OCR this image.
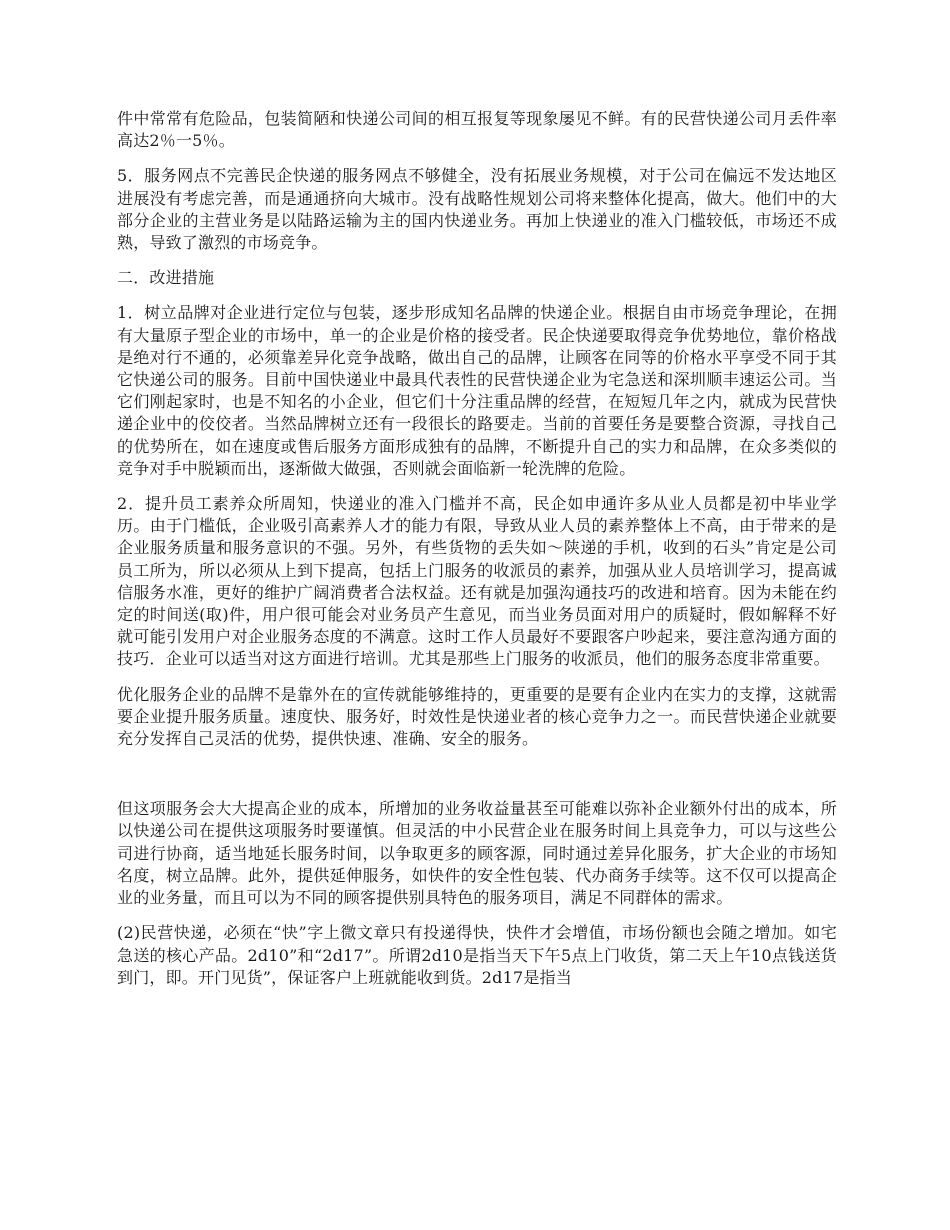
件中常常有危险品，包装简陋和快递公司间的相互报复等现象屡见不鲜。有的民营快递公司月丢件率高达2％一5％。

5．服务网点不完善民企快递的服务网点不够健全，没有拓展业务规模，对于公司在偏远不发达地区进展没有考虑完善，而是通通挤向大城市。没有战略性规划公司将来整体化提高，做大。他们中的大部分企业的主营业务是以陆路运输为主的国内快递业务。再加上快递业的准入门槛较低，市场还不成熟，导致了激烈的市场竞争。

二．改进措施

1．树立品牌对企业进行定位与包装，逐步形成知名品牌的快递企业。根据自由市场竞争理论，在拥有大量原子型企业的市场中，单一的企业是价格的接受者。民企快递要取得竞争优势地位，靠价格战是绝对行不通的，必须靠差异化竞争战略，做出自己的品牌，让顾客在同等的价格水平享受不同于其它快递公司的服务。目前中国快递业中最具代表性的民营快递企业为宅急送和深圳顺丰速运公司。当它们刚起家时，也是不知名的小企业，但它们十分注重品牌的经营，在短短几年之内，就成为民营快递企业中的佼佼者。当然品牌树立还有一段很长的路要走。当前的首要任务是要整合资源，寻找自己的优势所在，如在速度或售后服务方面形成独有的品牌，不断提升自己的实力和品牌，在众多类似的竞争对手中脱颖而出，逐渐做大做强，否则就会面临新一轮洗牌的危险。

2．提升员工素养众所周知，快递业的准入门槛并不高，民企如申通许多从业人员都是初中毕业学历。由于门槛低，企业吸引高素养人才的能力有限，导致从业人员的素养整体上不高，由于带来的是企业服务质量和服务意识的不强。另外，有些货物的丢失如～陕递的手机，收到的石头”肯定是公司员工所为，所以必须从上到下提高，包括上门服务的收派员的素养，加强从业人员培训学习，提高诚信服务水准，更好的维护广阔消费者合法权益。还有就是加强沟通技巧的改进和培育。因为未能在约定的时间送(取)件，用户很可能会对业务员产生意见，而当业务员面对用户的质疑时，假如解释不好就可能引发用户对企业服务态度的不满意。这时工作人员最好不要跟客户吵起来，要注意沟通方面的技巧．企业可以适当对这方面进行培训。尤其是那些上门服务的收派员，他们的服务态度非常重要。

优化服务企业的品牌不是靠外在的宣传就能够维持的，更重要的是要有企业内在实力的支撑，这就需要企业提升服务质量。速度快、服务好，时效性是快递业者的核心竞争力之一。而民营快递企业就要充分发挥自己灵活的优势，提供快速、准确、安全的服务。

但这项服务会大大提高企业的成本，所增加的业务收益量甚至可能难以弥补企业额外付出的成本，所以快递公司在提供这项服务时要谨慎。但灵活的中小民营企业在服务时间上具竞争力，可以与这些公司进行协商，适当地延长服务时间，以争取更多的顾客源，同时通过差异化服务，扩大企业的市场知名度，树立品牌。此外，提供延伸服务，如快件的安全性包装、代办商务手续等。这不仅可以提高企业的业务量，而且可以为不同的顾客提供别具特色的服务项目，满足不同群体的需求。

(2)民营快递，必须在“快”字上微文章只有投递得快，快件才会增值，市场份额也会随之增加。如宅急送的核心产品。2d10”和“2d17”。所谓2d10是指当天下午5点上门收货，第二天上午10点钱送货到门，即。开门见货”，保证客户上班就能收到货。2d17是指当
